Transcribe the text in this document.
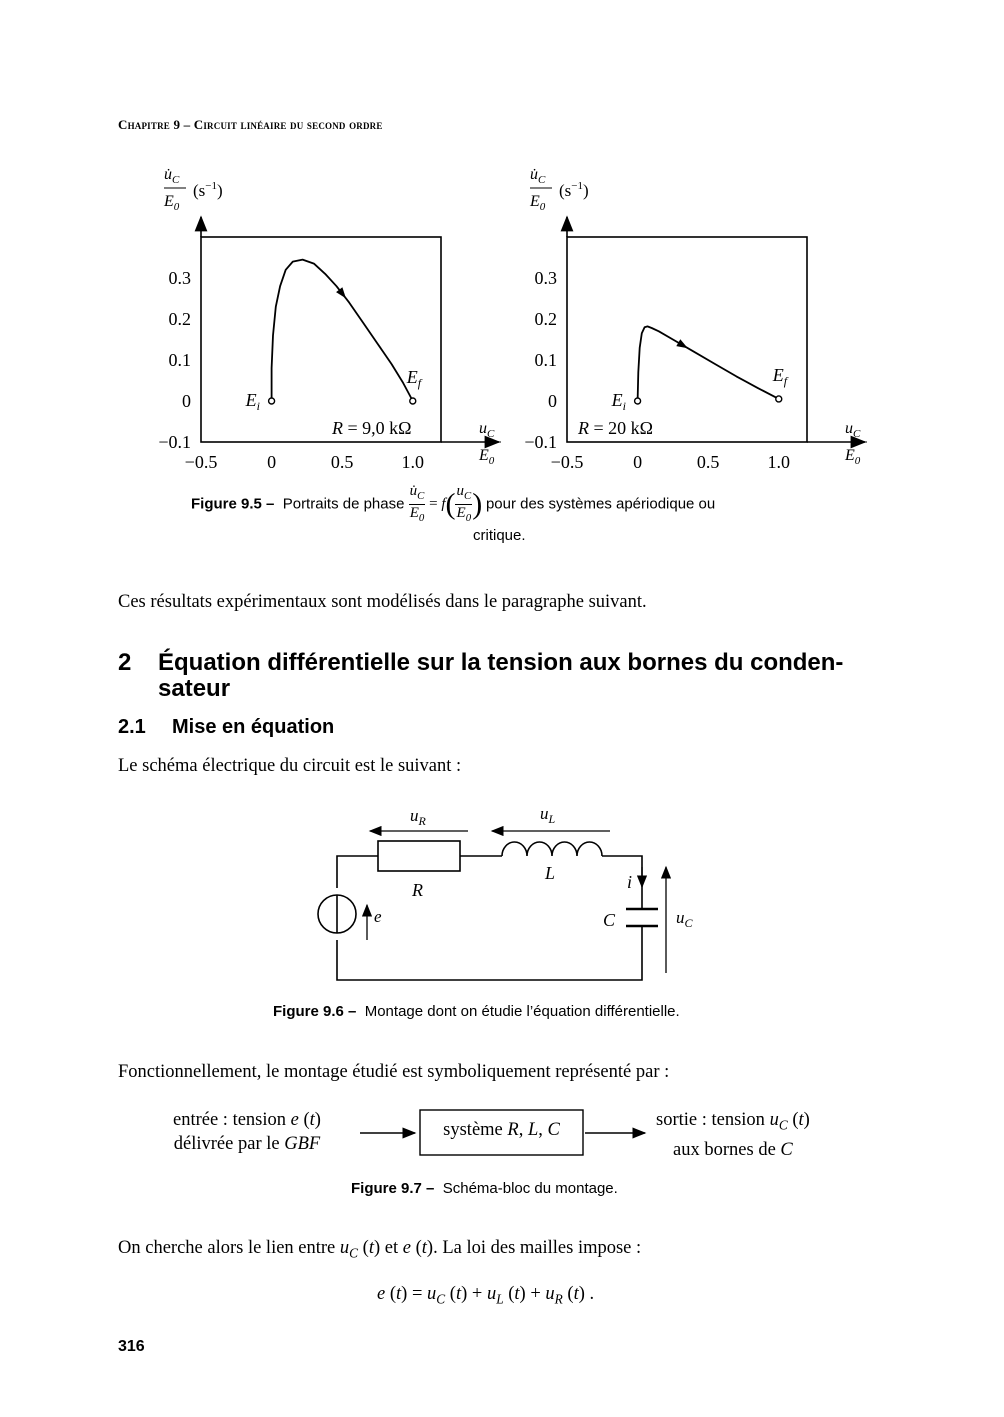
Chapitre 9 – Circuit linéaire du second ordre
$u̇_C$
$E_0$
$(s^{-1})$
$u_C$
$E_0$
−0.1
0
0.1
0.2
0.3
−0.5	0	0.5	1.0
$E_i$
$E_f$
R = 9,0 kΩ
$u̇_C$
$E_0$
$(s^{-1})$
$u_C$
$E_0$
−0.1
0
0.1
0.2
0.3
−0.5	0	0.5	1.0
$E_i$
$E_f$
R = 20 kΩ
Figure 9.5 – Portraits de phase $\frac{u̇_C}{E_0} = f( \frac{u_C}{E_0}$ ) pour des systèmes apériodique ou
critique.
Ces résultats expérimentaux sont modélisés dans le paragraphe suivant.
2 Équation différentielle sur la tension aux bornes du conden-
sateur
2.1 Mise en équation
Le schéma électrique du circuit est le suivant :
$u_R$	$u_L$
R
L	i
C	$u_C$
e
Figure 9.6 – Montage dont on étudie l’équation différentielle.
Fonctionnellement, le montage étudié est symboliquement représenté par :
entrée : tension e (t)
délivrée par le GBF
système R, L, C	sortie : tension $u_C$ (t)
aux bornes de C
Figure 9.7 – Schéma-bloc du montage.
On cherche alors le lien entre $u_C$ (t) et e (t). La loi des mailles impose :
e $(t) = u_C$ $(t) + u_L$ $(t) + u_R$ (t) .
316
